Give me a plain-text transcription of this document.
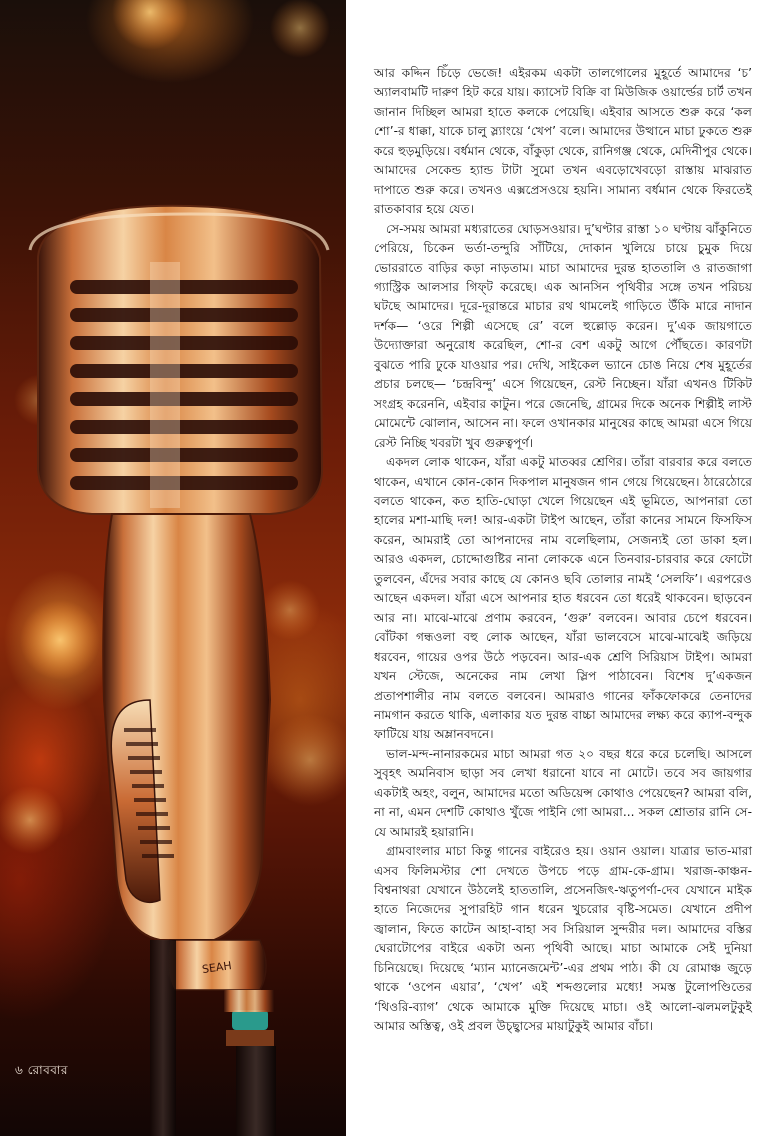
SEAH
৬ রোববার

আর কদ্দিন চিঁড়ে ভেজে! এইরকম একটা তালগোলের মুহূর্তে আমাদের ‘চ’ অ্যালবামটি দারুণ হিট করে যায়। ক্যাসেট বিক্রি বা মিউজিক ওয়ার্ল্ডের চার্ট তখন জানান দিচ্ছিল আমরা হাতে কলকে পেয়েছি। এইবার আসতে শুরু করে ‘কল শো’-র ধাক্কা, যাকে চালু স্ল্যাংয়ে ‘খেপ’ বলে। আমাদের উত্থানে মাচা ঢুকতে শুরু করে হুড়মুড়িয়ে। বর্ধমান থেকে, বাঁকুড়া থেকে, রানিগঞ্জ থেকে, মেদিনীপুর থেকে। আমাদের সেকেন্ড হ্যান্ড টাটা সুমো তখন এবড়োখেবড়ো রাস্তায় মাঝরাত দাপাতে শুরু করে। তখনও এক্সপ্রেসওয়ে হয়নি। সামান্য বর্ধমান থেকে ফিরতেই রাতকাবার হয়ে যেত।

সে-সময় আমরা মধ্যরাতের ঘোড়সওয়ার। দু’ঘণ্টার রাস্তা ১০ ঘণ্টায় ঝাঁকুনিতে পেরিয়ে, চিকেন ভর্তা-তন্দুরি সাঁটিয়ে, দোকান খুলিয়ে চায়ে চুমুক দিয়ে ভোররাতে বাড়ির কড়া নাড়তাম। মাচা আমাদের দুরন্ত হাততালি ও রাতজাগা গ্যাস্ট্রিক আলসার গিফ্‌ট করেছে। এক আনসিন পৃথিবীর সঙ্গে তখন পরিচয় ঘটছে আমাদের। দূরে-দূরান্তরে মাচার রথ থামলেই গাড়িতে উঁকি মারে নাদান দর্শক— ‘ওরে শিল্পী এসেছে রে’ বলে হুল্লোড় করেন। দু’এক জায়গাতে উদ্যোক্তারা অনুরোধ করেছিল, শো-র বেশ একটু আগে পৌঁছতে। কারণটা বুঝতে পারি ঢুকে যাওয়ার পর। দেখি, সাইকেল ভ্যানে চোঙ নিয়ে শেষ মুহূর্তের প্রচার চলছে— ‘চন্দ্রবিন্দু’ এসে গিয়েছেন, রেস্ট নিচ্ছেন। যাঁরা এখনও টিকিট সংগ্রহ করেননি, এইবার কাটুন। পরে জেনেছি, গ্রামের দিকে অনেক শিল্পীই লাস্ট মোমেন্টে ঝোলান, আসেন না। ফলে ওখানকার মানুষের কাছে আমরা এসে গিয়ে রেস্ট নিচ্ছি খবরটা খুব গুরুত্বপূর্ণ।

একদল লোক থাকেন, যাঁরা একটু মাতব্বর শ্রেণির। তাঁরা বারবার করে বলতে থাকেন, এখানে কোন-কোন দিকপাল মানুষজন গান গেয়ে গিয়েছেন। ঠারেঠোরে বলতে থাকেন, কত হাতি-ঘোড়া খেলে গিয়েছেন এই ভূমিতে, আপনারা তো হালের মশা-মাছি দল! আর-একটা টাইপ আছেন, তাঁরা কানের সামনে ফিসফিস করেন, আমরাই তো আপনাদের নাম বলেছিলাম, সেজন্যই তো ডাকা হল। আরও একদল, চোদ্দোগুষ্টির নানা লোককে এনে তিনবার-চারবার করে ফোটো তুলবেন, এঁদের সবার কাছে যে কোনও ছবি তোলার নামই ‘সেলফি’। এরপরেও আছেন একদল। যাঁরা এসে আপনার হাত ধরবেন তো ধরেই থাকবেন। ছাড়বেন আর না। মাঝে-মাঝে প্রণাম করবেন, ‘গুরু’ বলবেন। আবার চেপে ধরবেন। বোঁটকা গন্ধওলা বহু লোক আছেন, যাঁরা ভালবেসে মাঝে-মাঝেই জড়িয়ে ধরবেন, গায়ের ওপর উঠে পড়বেন। আর-এক শ্রেণি সিরিয়াস টাইপ। আমরা যখন স্টেজে, অনেকের নাম লেখা স্লিপ পাঠাবেন। বিশেষ দু’একজন প্রতাপশালীর নাম বলতে বলবেন। আমরাও গানের ফাঁকফোকরে তেনাদের নামগান করতে থাকি, এলাকার যত দুরন্ত বাচ্চা আমাদের লক্ষ্য করে ক্যাপ-বন্দুক ফাটিয়ে যায় অম্লানবদনে।

ভাল-মন্দ-নানারকমের মাচা আমরা গত ২০ বছর ধরে করে চলেছি। আসলে সুবৃহৎ অমনিবাস ছাড়া সব লেখা ধরানো যাবে না মোটে। তবে সব জায়গার একটাই অহং, বলুন, আমাদের মতো অডিয়েন্স কোথাও পেয়েছেন? আমরা বলি, না না, এমন দেশটি কোথাও খুঁজে পাইনি গো আমরা... সকল শ্রোতার রানি সে-যে আমারই হয়ারানি।

গ্রামবাংলার মাচা কিন্তু গানের বাইরেও হয়। ওয়ান ওয়াল। যাত্রার ভাত-মারা এসব ফিলিমস্টার শো দেখতে উপচে পড়ে গ্রাম-কে-গ্রাম। খরাজ-কাঞ্চন-বিশ্বনাথরা যেখানে উঠলেই হাততালি, প্রসেনজিৎ-ঋতুপর্ণা-দেব যেখানে মাইক হাতে নিজেদের সুপারহিট গান ধরেন খুচরোর বৃষ্টি-সমেত। যেখানে প্রদীপ জ্বালান, ফিতে কাটেন আহা-বাহা সব সিরিয়াল সুন্দরীর দল। আমাদের বস্তির ঘেরাটোপের বাইরে একটা অন্য পৃথিবী আছে। মাচা আমাকে সেই দুনিয়া চিনিয়েছে। দিয়েছে ‘ম্যান ম্যানেজমেন্ট’-এর প্রথম পাঠ। কী যে রোমাঞ্চ জুড়ে থাকে ‘ওপেন এয়ার’, ‘খেপ’ এই শব্দগুলোর মধ্যে! সমস্ত টুলোপণ্ডিতের ‘থিওরি-ব্যাগ’ থেকে আমাকে মুক্তি দিয়েছে মাচা। ওই আলো-ঝলমলটুকুই আমার অস্তিত্ব, ওই প্রবল উচ্ছ্বাসের মায়াটুকুই আমার বাঁচা।
